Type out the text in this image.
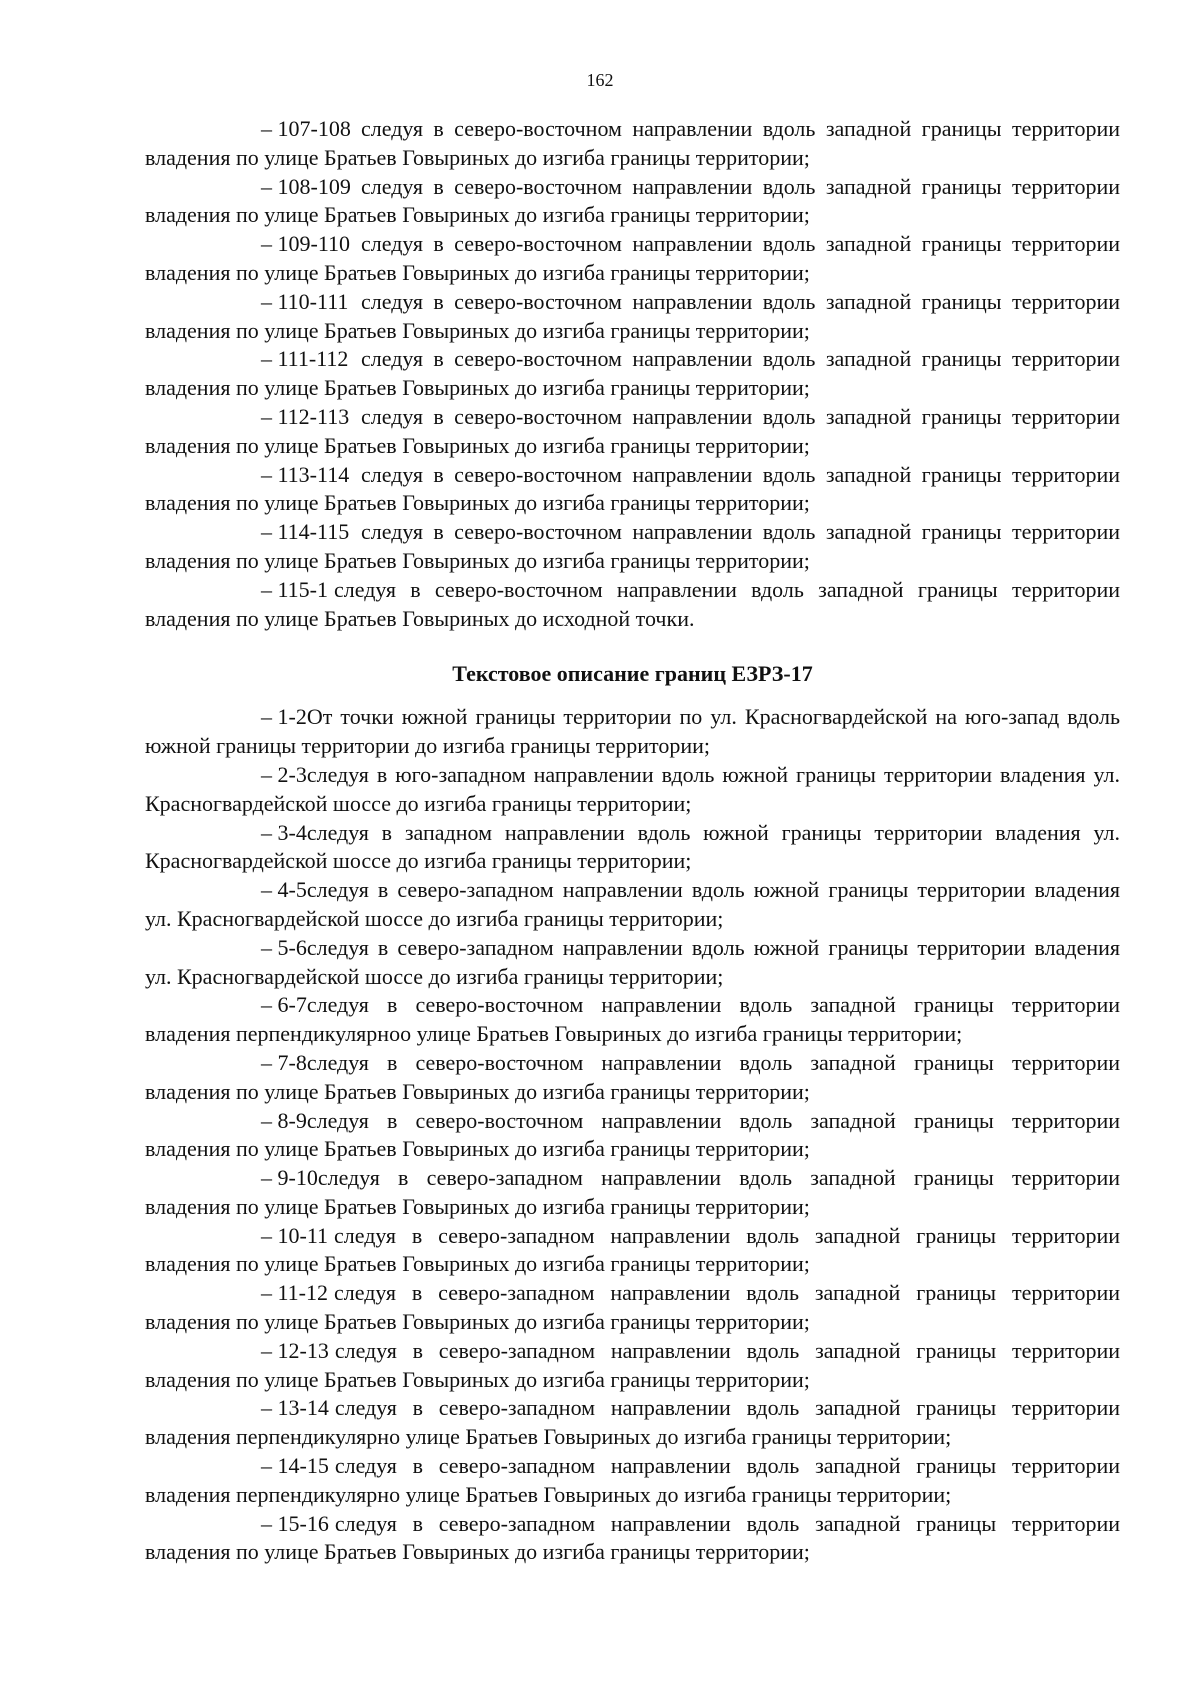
162

– 107-108 следуя в северо-восточном направлении вдоль западной границы территории владения по улице Братьев Говыриных до изгиба границы территории;

– 108-109 следуя в северо-восточном направлении вдоль западной границы территории владения по улице Братьев Говыриных до изгиба границы территории;

– 109-110 следуя в северо-восточном направлении вдоль западной границы территории владения по улице Братьев Говыриных до изгиба границы территории;

– 110-111 следуя в северо-восточном направлении вдоль западной границы территории владения по улице Братьев Говыриных до изгиба границы территории;

– 111-112 следуя в северо-восточном направлении вдоль западной границы территории владения по улице Братьев Говыриных до изгиба границы территории;

– 112-113 следуя в северо-восточном направлении вдоль западной границы территории владения по улице Братьев Говыриных до изгиба границы территории;

– 113-114 следуя в северо-восточном направлении вдоль западной границы территории владения по улице Братьев Говыриных до изгиба границы территории;

– 114-115 следуя в северо-восточном направлении вдоль западной границы территории владения по улице Братьев Говыриных до изгиба границы территории;

– 115-1 следуя в северо-восточном направлении вдоль западной границы территории владения по улице Братьев Говыриных до исходной точки.

Текстовое описание границ ЕЗРЗ-17

– 1-2От точки южной границы территории по ул. Красногвардейской на юго-запад вдоль южной границы территории до изгиба границы территории;

– 2-3следуя в юго-западном направлении вдоль южной границы территории владения ул. Красногвардейской шоссе до изгиба границы территории;

– 3-4следуя в западном направлении вдоль южной границы территории владения ул. Красногвардейской шоссе до изгиба границы территории;

– 4-5следуя в северо-западном направлении вдоль южной границы территории владения ул. Красногвардейской шоссе до изгиба границы территории;

– 5-6следуя в северо-западном направлении вдоль южной границы территории владения ул. Красногвардейской шоссе до изгиба границы территории;

– 6-7следуя в северо-восточном направлении вдоль западной границы территории владения перпендикулярноо улице Братьев Говыриных до изгиба границы территории;

– 7-8следуя в северо-восточном направлении вдоль западной границы территории владения по улице Братьев Говыриных до изгиба границы территории;

– 8-9следуя в северо-восточном направлении вдоль западной границы территории владения по улице Братьев Говыриных до изгиба границы территории;

– 9-10следуя в северо-западном направлении вдоль западной границы территории владения по улице Братьев Говыриных до изгиба границы территории;

– 10-11 следуя в северо-западном направлении вдоль западной границы территории владения по улице Братьев Говыриных до изгиба границы территории;

– 11-12 следуя в северо-западном направлении вдоль западной границы территории владения по улице Братьев Говыриных до изгиба границы территории;

– 12-13 следуя в северо-западном направлении вдоль западной границы территории владения по улице Братьев Говыриных до изгиба границы территории;

– 13-14 следуя в северо-западном направлении вдоль западной границы территории владения перпендикулярно улице Братьев Говыриных до изгиба границы территории;

– 14-15 следуя в северо-западном направлении вдоль западной границы территории владения перпендикулярно улице Братьев Говыриных до изгиба границы территории;

– 15-16 следуя в северо-западном направлении вдоль западной границы территории владения по улице Братьев Говыриных до изгиба границы территории;
